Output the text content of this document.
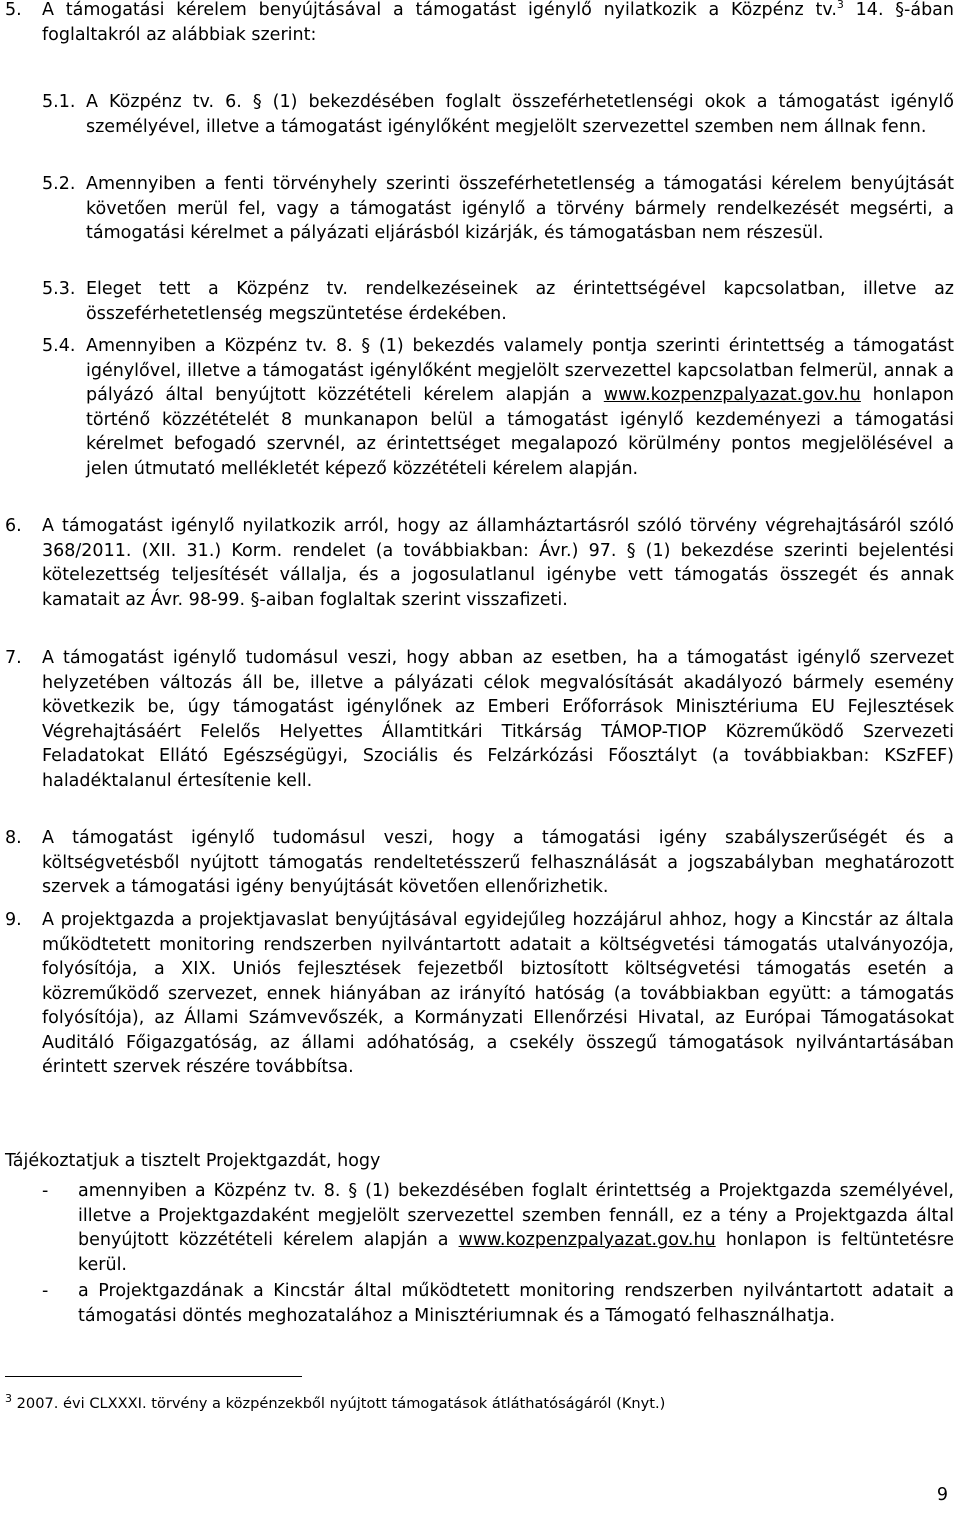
5. A támogatási kérelem benyújtásával a támogatást igénylő nyilatkozik a Közpénz tv.$^3$ 14. §-ában foglaltakról az alábbiak szerint:
5.1. A Közpénz tv. 6. § (1) bekezdésében foglalt összeférhetetlenségi okok a támogatást igénylő személyével, illetve a támogatást igénylőként megjelölt szervezettel szemben nem állnak fenn.
5.2. Amennyiben a fenti törvényhely szerinti összeférhetetlenség a támogatási kérelem benyújtását követően merül fel, vagy a támogatást igénylő a törvény bármely rendelkezését megsérti, a támogatási kérelmet a pályázati eljárásból kizárják, és támogatásban nem részesül.
5.3. Eleget tett a Közpénz tv. rendelkezéseinek az érintettségével kapcsolatban, illetve az összeférhetetlenség megszüntetése érdekében.
5.4. Amennyiben a Közpénz tv. 8. § (1) bekezdés valamely pontja szerinti érintettség a támogatást igénylővel, illetve a támogatást igénylőként megjelölt szervezettel kapcsolatban felmerül, annak a pályázó által benyújtott közzétételi kérelem alapján a www.kozpenzpalyazat.gov.hu honlapon történő közzétételét 8 munkanapon belül a támogatást igénylő kezdeményezi a támogatási kérelmet befogadó szervnél, az érintettséget megalapozó körülmény pontos megjelölésével a jelen útmutató mellékletét képező közzétételi kérelem alapján.
6. A támogatást igénylő nyilatkozik arról, hogy az államháztartásról szóló törvény végrehajtásáról szóló 368/2011. (XII. 31.) Korm. rendelet (a továbbiakban: Ávr.) 97. § (1) bekezdése szerinti bejelentési kötelezettség teljesítését vállalja, és a jogosulatlanul igénybe vett támogatás összegét és annak kamatait az Ávr. 98-99. §-aiban foglaltak szerint visszafizeti.
7. A támogatást igénylő tudomásul veszi, hogy abban az esetben, ha a támogatást igénylő szervezet helyzetében változás áll be, illetve a pályázati célok megvalósítását akadályozó bármely esemény következik be, úgy támogatást igénylőnek az Emberi Erőforrások Minisztériuma EU Fejlesztések Végrehajtásáért Felelős Helyettes Államtitkári Titkárság TÁMOP-TIOP Közreműködő Szervezeti Feladatokat Ellátó Egészségügyi, Szociális és Felzárkózási Főosztályt (a továbbiakban: KSzFEF) haladéktalanul értesítenie kell.
8. A támogatást igénylő tudomásul veszi, hogy a támogatási igény szabályszerűségét és a költségvetésből nyújtott támogatás rendeltetésszerű felhasználását a jogszabályban meghatározott szervek a támogatási igény benyújtását követően ellenőrizhetik.
9. A projektgazda a projektjavaslat benyújtásával egyidejűleg hozzájárul ahhoz, hogy a Kincstár az általa működtetett monitoring rendszerben nyilvántartott adatait a költségvetési támogatás utalványozója, folyósítója, a XIX. Uniós fejlesztések fejezetből biztosított költségvetési támogatás esetén a közreműködő szervezet, ennek hiányában az irányító hatóság (a továbbiakban együtt: a támogatás folyósítója), az Állami Számvevőszék, a Kormányzati Ellenőrzési Hivatal, az Európai Támogatásokat Auditáló Főigazgatóság, az állami adóhatóság, a csekély összegű támogatások nyilvántartásában érintett szervek részére továbbítsa.
Tájékoztatjuk a tisztelt Projektgazdát, hogy
- amennyiben a Közpénz tv. 8. § (1) bekezdésében foglalt érintettség a Projektgazda személyével, illetve a Projektgazdaként megjelölt szervezettel szemben fennáll, ez a tény a Projektgazda által benyújtott közzétételi kérelem alapján a www.kozpenzpalyazat.gov.hu honlapon is feltüntetésre kerül.
- a Projektgazdának a Kincstár által működtetett monitoring rendszerben nyilvántartott adatait a támogatási döntés meghozatalához a Minisztériumnak és a Támogató felhasználhatja.
$^3$ 2007. évi CLXXXI. törvény a közpénzekből nyújtott támogatások átláthatóságáról (Knyt.)
9
